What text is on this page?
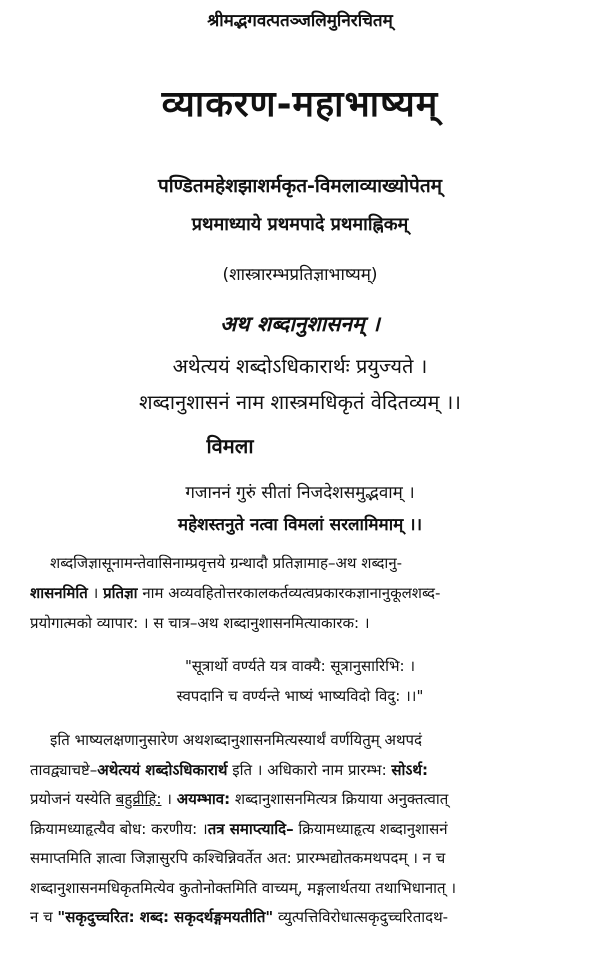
श्रीमद्भगवत्पतञ्जलिमुनिरचितम्
व्याकरण-महाभाष्यम्
पण्डितमहेशझाशर्मकृत-विमलाव्याख्योपेतम्
प्रथमाध्याये प्रथमपादे प्रथमाह्निकम्
(शास्त्रारम्भप्रतिज्ञाभाष्यम्)
अथ शब्दानुशासनम् ।
अथेत्ययं शब्दोऽधिकारार्थः प्रयुज्यते ।
शब्दानुशासनं नाम शास्त्रमधिकृतं वेदितव्यम् ।।
विमला
गजाननं गुरुं सीतां निजदेशसमुद्भवाम् ।
महेशस्तनुते नत्वा विमलां सरलामिमाम् ।।
शब्दजिज्ञासूनामन्तेवासिनाम्प्रवृत्तये ग्रन्थादौ प्रतिज्ञामाह–अथ शब्दानु-
शासनमिति । प्रतिज्ञा नाम अव्यवहितोत्तरकालकर्तव्यत्वप्रकारकज्ञानानुकूलशब्द-
प्रयोगात्मको व्यापार: । स चात्र–अथ शब्दानुशासनमित्याकारक: ।
"सूत्रार्थो वर्ण्यते यत्र वाक्यै: सूत्रानुसारिभि: ।
स्वपदानि च वर्ण्यन्ते भाष्यं भाष्यविदो विदु: ।।"
इति भाष्यलक्षणानुसारेण अथशब्दानुशासनमित्यस्यार्थं वर्णयितुम् अथपदं
तावद्व्याचष्टे–अथेत्ययं शब्दोऽधिकारार्थ इति । अधिकारो नाम प्रारम्भ: सोऽर्थ:
प्रयोजनं यस्येति बहुव्रीहि: । अयम्भाव: शब्दानुशासनमित्यत्र क्रियाया अनुक्तत्वात्
क्रियामध्याहृत्यैव बोध: करणीय: ।तत्र समाप्त्यादि– क्रियामध्याहृत्य शब्दानुशासनं
समाप्तमिति ज्ञात्वा जिज्ञासुरपि कश्चिन्निवर्तेत अत: प्रारम्भद्योतकमथपदम् । न च
शब्दानुशासनमधिकृतमित्येव कुतोनोक्तमिति वाच्यम्, मङ्गलार्थतया तथाभिधानात् ।
न च "सकृदुच्चरित: शब्द: सकृदर्थङ्गमयतीति" व्युत्पत्तिविरोधात्सकृदुच्चरितादथ-
